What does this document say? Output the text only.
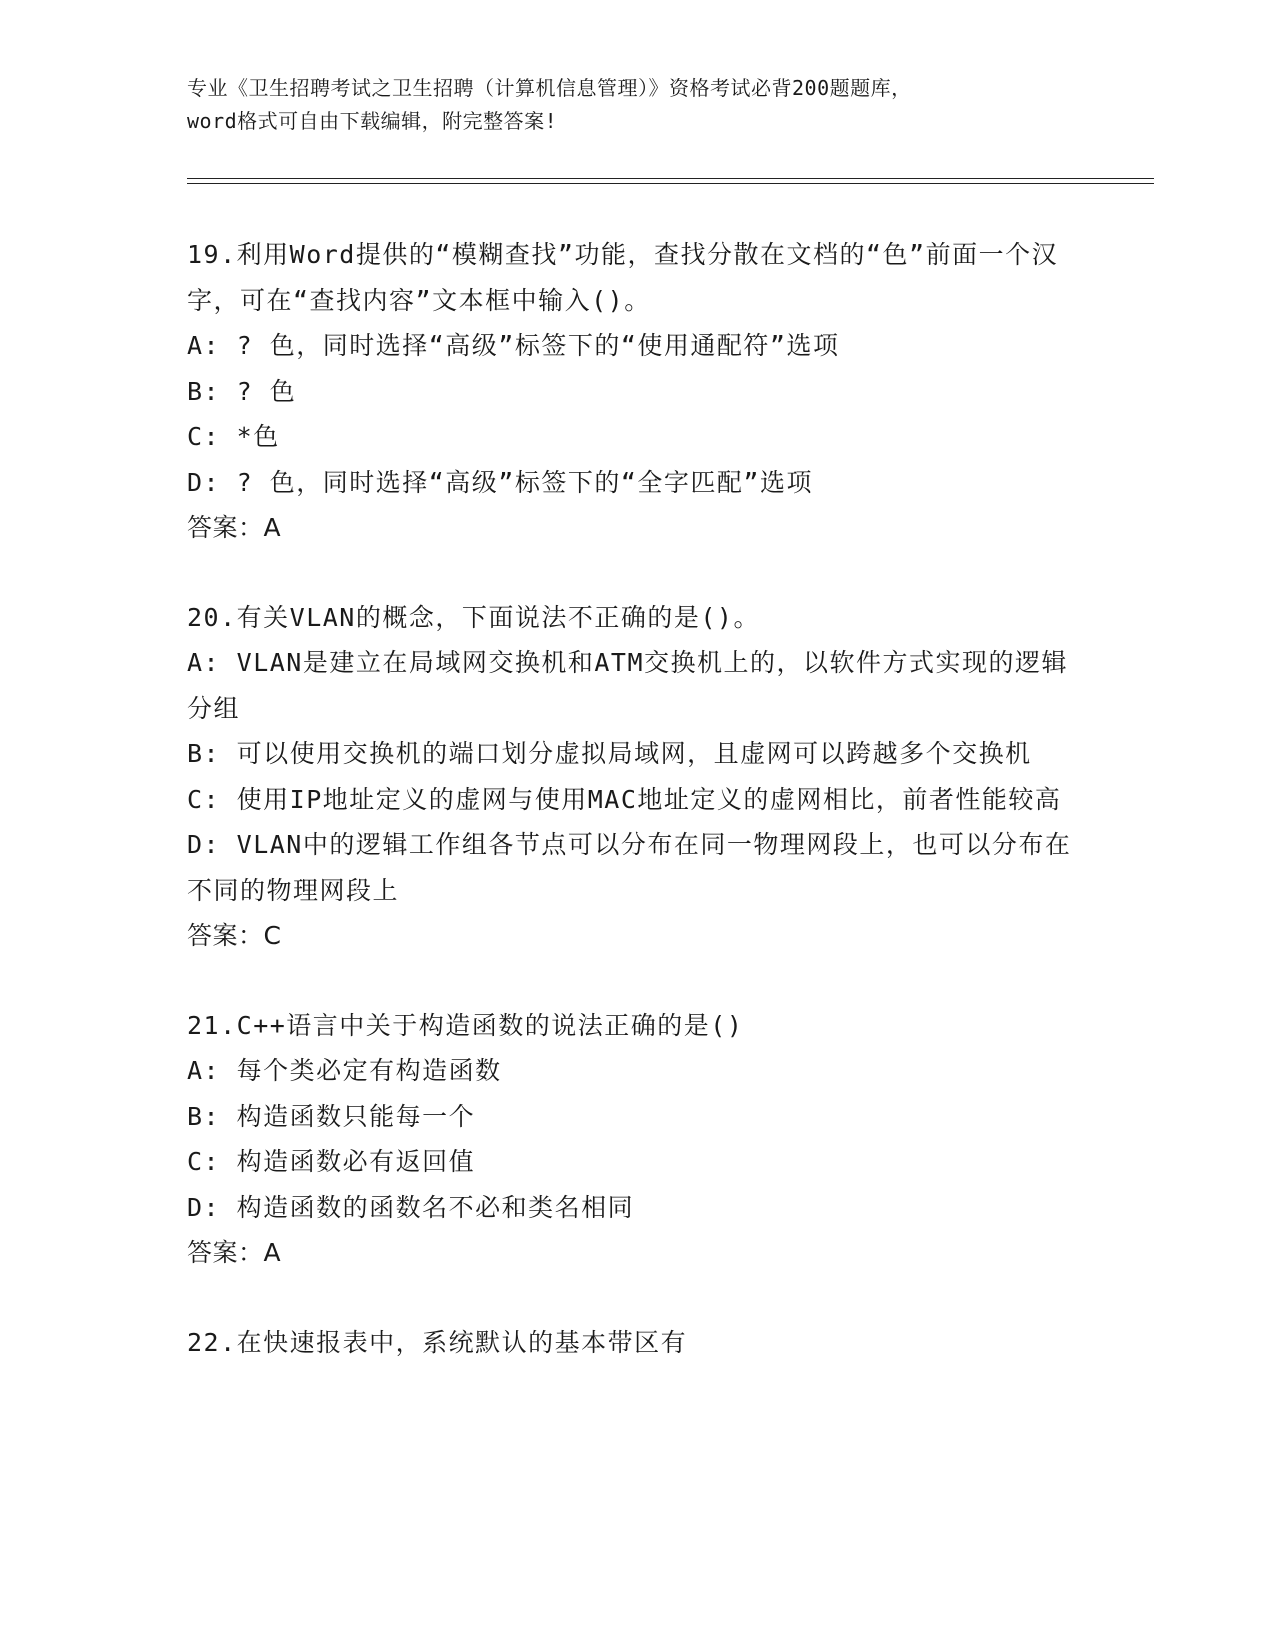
专业《卫生招聘考试之卫生招聘（计算机信息管理）》资格考试必背200题题库，
word格式可自由下载编辑，附完整答案!

19.利用Word提供的“模糊查找”功能，查找分散在文档的“色”前面一个汉字，可在“查找内容”文本框中输入()。

A: ? 色，同时选择“高级”标签下的“使用通配符”选项

B: ? 色

C: *色

D: ? 色，同时选择“高级”标签下的“全字匹配”选项

答案：A

20.有关VLAN的概念，下面说法不正确的是()。

A: VLAN是建立在局域网交换机和ATM交换机上的，以软件方式实现的逻辑分组

B: 可以使用交换机的端口划分虚拟局域网，且虚网可以跨越多个交换机

C: 使用IP地址定义的虚网与使用MAC地址定义的虚网相比，前者性能较高

D: VLAN中的逻辑工作组各节点可以分布在同一物理网段上，也可以分布在不同的物理网段上

答案：C

21.C++语言中关于构造函数的说法正确的是()

A: 每个类必定有构造函数

B: 构造函数只能每一个

C: 构造函数必有返回值

D: 构造函数的函数名不必和类名相同

答案：A

22.在快速报表中，系统默认的基本带区有
